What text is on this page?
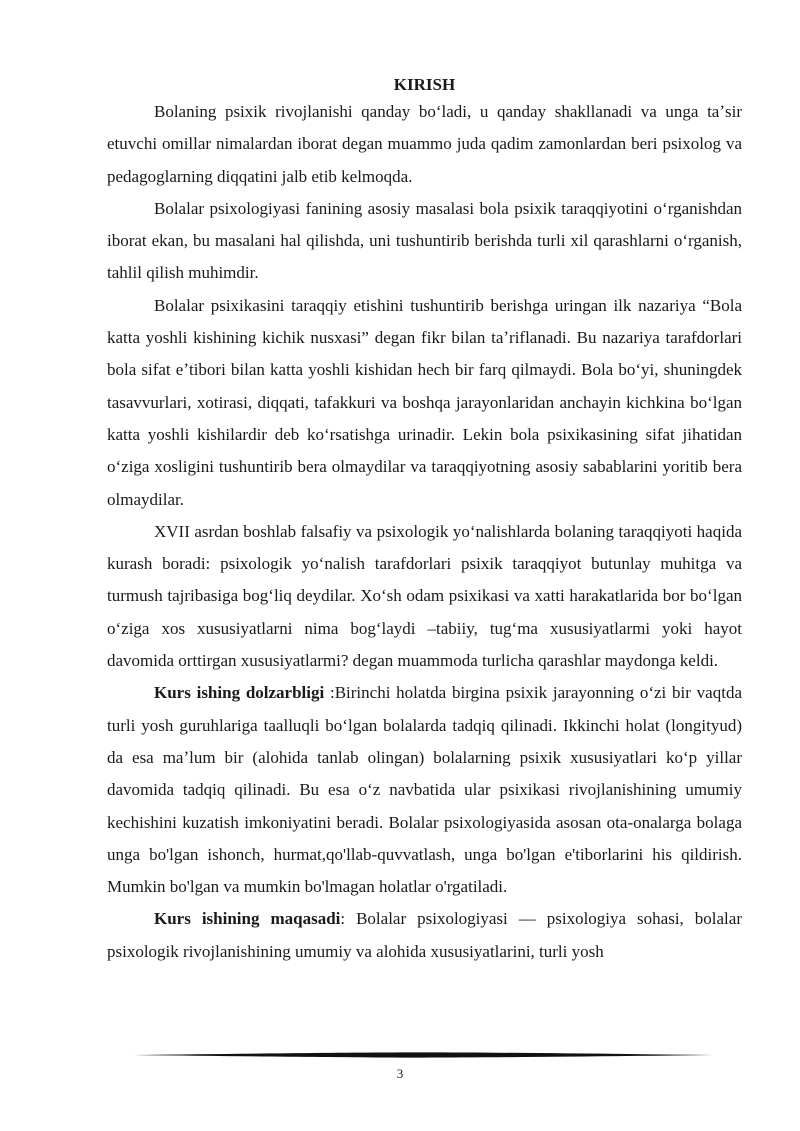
KIRISH

Bolaning psixik rivojlanishi qanday boʻladi, u qanday shakllanadi va unga taʼsir etuvchi omillar nimalardan iborat degan muammo juda qadim zamonlardan beri psixolog va pedagoglarning diqqatini jalb etib kelmoqda.

Bolalar psixologiyasi fanining asosiy masalasi bola psixik taraqqiyotini oʻrganishdan iborat ekan, bu masalani hal qilishda, uni tushuntirib berishda turli xil qarashlarni oʻrganish, tahlil qilish muhimdir.

Bolalar psixikasini taraqqiy etishini tushuntirib berishga uringan ilk nazariya “Bola katta yoshli kishining kichik nusxasi” degan fikr bilan taʼriflanadi. Bu nazariya tarafdorlari bola sifat eʼtibori bilan katta yoshli kishidan hech bir farq qilmaydi. Bola boʻyi, shuningdek tasavvurlari, xotirasi, diqqati, tafakkuri va boshqa jarayonlaridan anchayin kichkina boʻlgan katta yoshli kishilardir deb koʻrsatishga urinadir. Lekin bola psixikasining sifat jihatidan oʻziga xosligini tushuntirib bera olmaydilar va taraqqiyotning asosiy sabablarini yoritib bera olmaydilar.

XVII asrdan boshlab falsafiy va psixologik yoʻnalishlarda bolaning taraqqiyoti haqida kurash boradi: psixologik yoʻnalish tarafdorlari psixik taraqqiyot butunlay muhitga va turmush tajribasiga bogʻliq deydilar. Xoʻsh odam psixikasi va xatti harakatlarida bor boʻlgan oʻziga xos xususiyatlarni nima bogʻlaydi –tabiiy, tugʻma xususiyatlarmi yoki hayot davomida orttirgan xususiyatlarmi? degan muammoda turlicha qarashlar maydonga keldi.

Kurs ishing dolzarbligi :Birinchi holatda birgina psixik jarayonning oʻzi bir vaqtda turli yosh guruhlariga taalluqli boʻlgan bolalarda tadqiq qilinadi. Ikkinchi holat (longityud) da esa maʼlum bir (alohida tanlab olingan) bolalarning psixik xususiyatlari koʻp yillar davomida tadqiq qilinadi. Bu esa oʻz navbatida ular psixikasi rivojlanishining umumiy kechishini kuzatish imkoniyatini beradi. Bolalar psixologiyasida asosan ota-onalarga bolaga unga bo'lgan ishonch, hurmat,qo'llab-quvvatlash, unga bo'lgan e'tiborlarini his qildirish. Mumkin bo'lgan va mumkin bo'lmagan holatlar o'rgatiladi.

Kurs ishining maqasadi: Bolalar psixologiyasi — psixologiya sohasi, bolalar psixologik rivojlanishining umumiy va alohida xususiyatlarini, turli yosh

3
